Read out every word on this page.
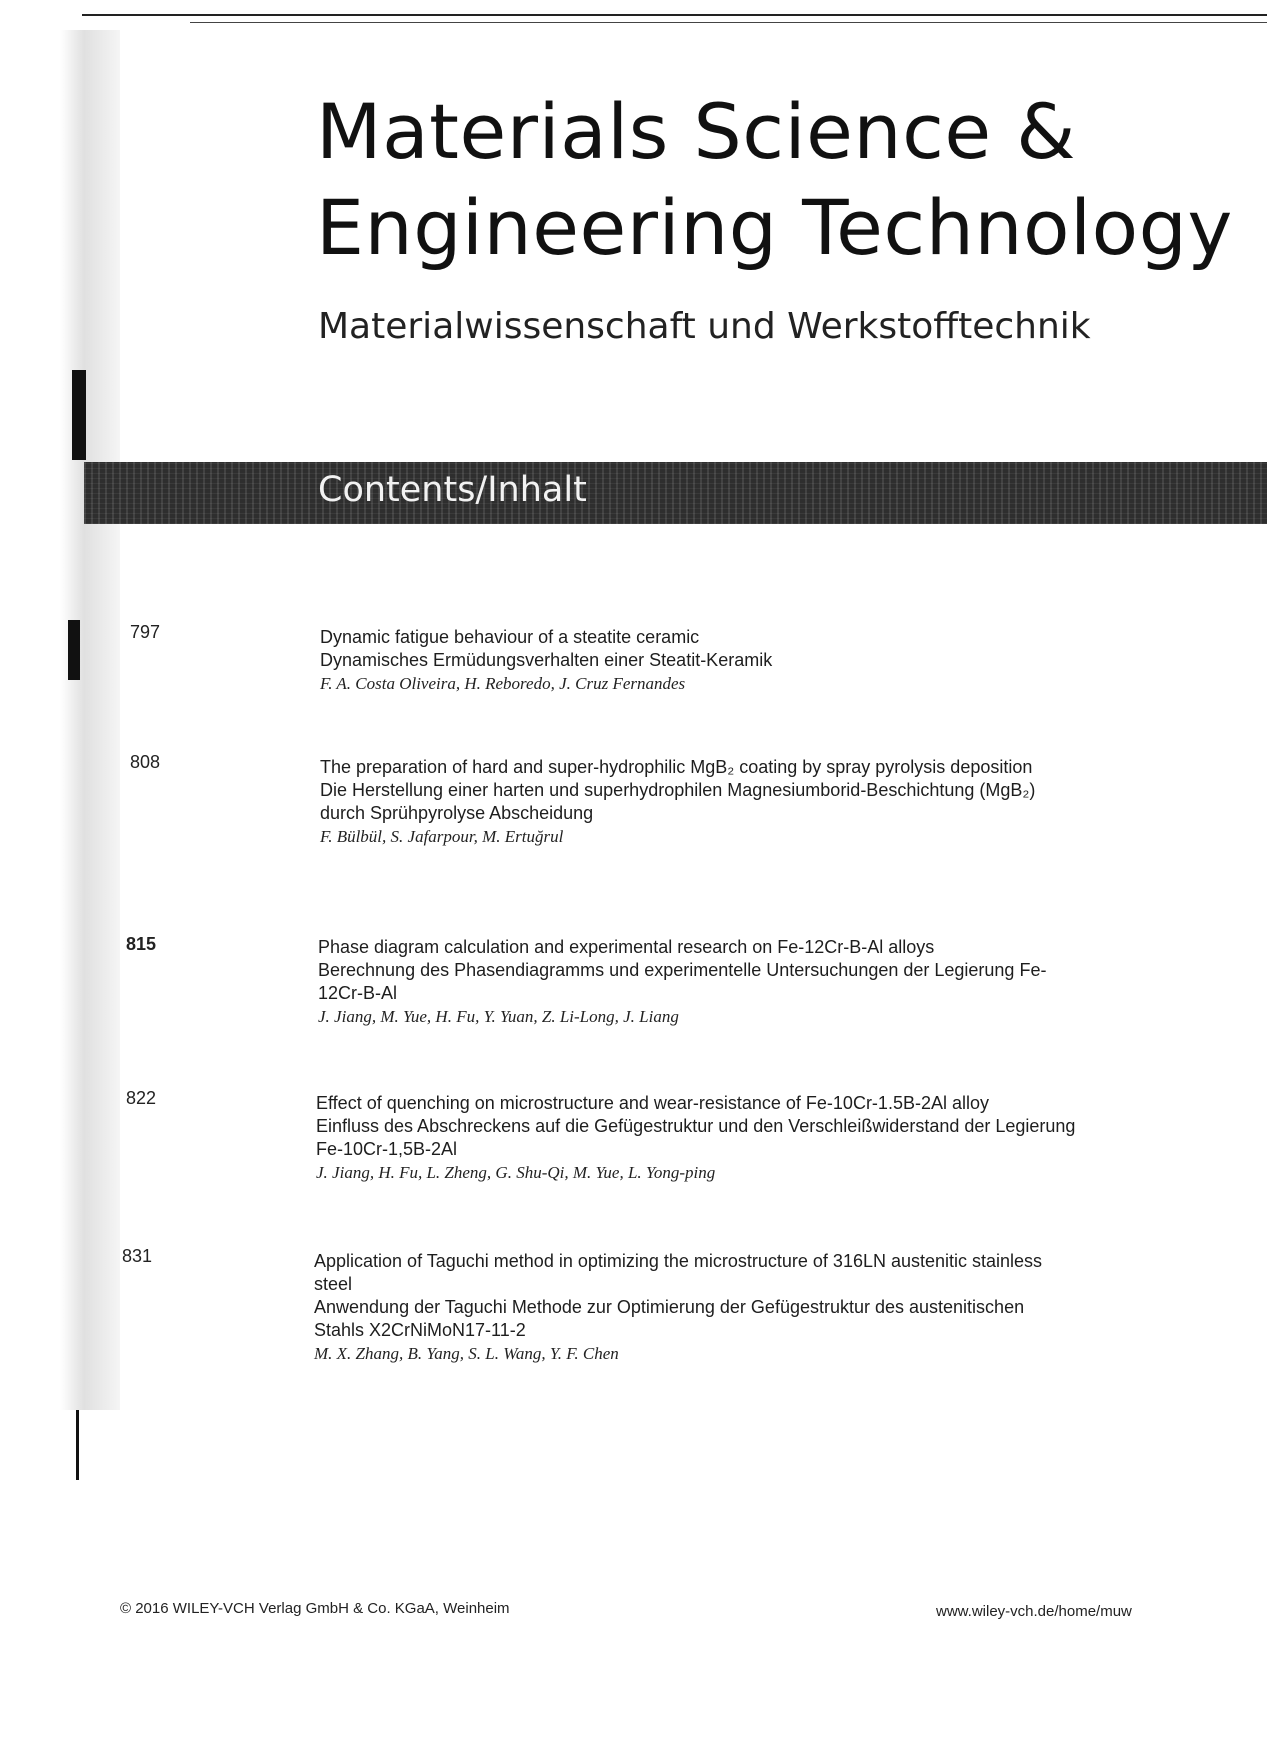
Materials Science &
Engineering Technology
Materialwissenschaft und Werkstofftechnik
Contents/Inhalt
797	Dynamic fatigue behaviour of a steatite ceramic
Dynamisches Ermüdungsverhalten einer Steatit-Keramik
F. A. Costa Oliveira, H. Reboredo, J. Cruz Fernandes
808	The preparation of hard and super-hydrophilic MgB₂ coating by spray pyrolysis deposition
Die Herstellung einer harten und superhydrophilen Magnesiumborid-Beschichtung (MgB₂) durch Sprühpyrolyse Abscheidung
F. Bülbül, S. Jafarpour, M. Ertuğrul
815	Phase diagram calculation and experimental research on Fe-12Cr-B-Al alloys
Berechnung des Phasendiagramms und experimentelle Untersuchungen der Legierung Fe-12Cr-B-Al
J. Jiang, M. Yue, H. Fu, Y. Yuan, Z. Li-Long, J. Liang
822	Effect of quenching on microstructure and wear-resistance of Fe-10Cr-1.5B-2Al alloy
Einfluss des Abschreckens auf die Gefügestruktur und den Verschleißwiderstand der Legierung Fe-10Cr-1,5B-2Al
J. Jiang, H. Fu, L. Zheng, G. Shu-Qi, M. Yue, L. Yong-ping
831	Application of Taguchi method in optimizing the microstructure of 316LN austenitic stainless steel
Anwendung der Taguchi Methode zur Optimierung der Gefügestruktur des austenitischen Stahls X2CrNiMoN17-11-2
M. X. Zhang, B. Yang, S. L. Wang, Y. F. Chen
© 2016 WILEY-VCH Verlag GmbH & Co. KGaA, Weinheim	www.wiley-vch.de/home/muw
